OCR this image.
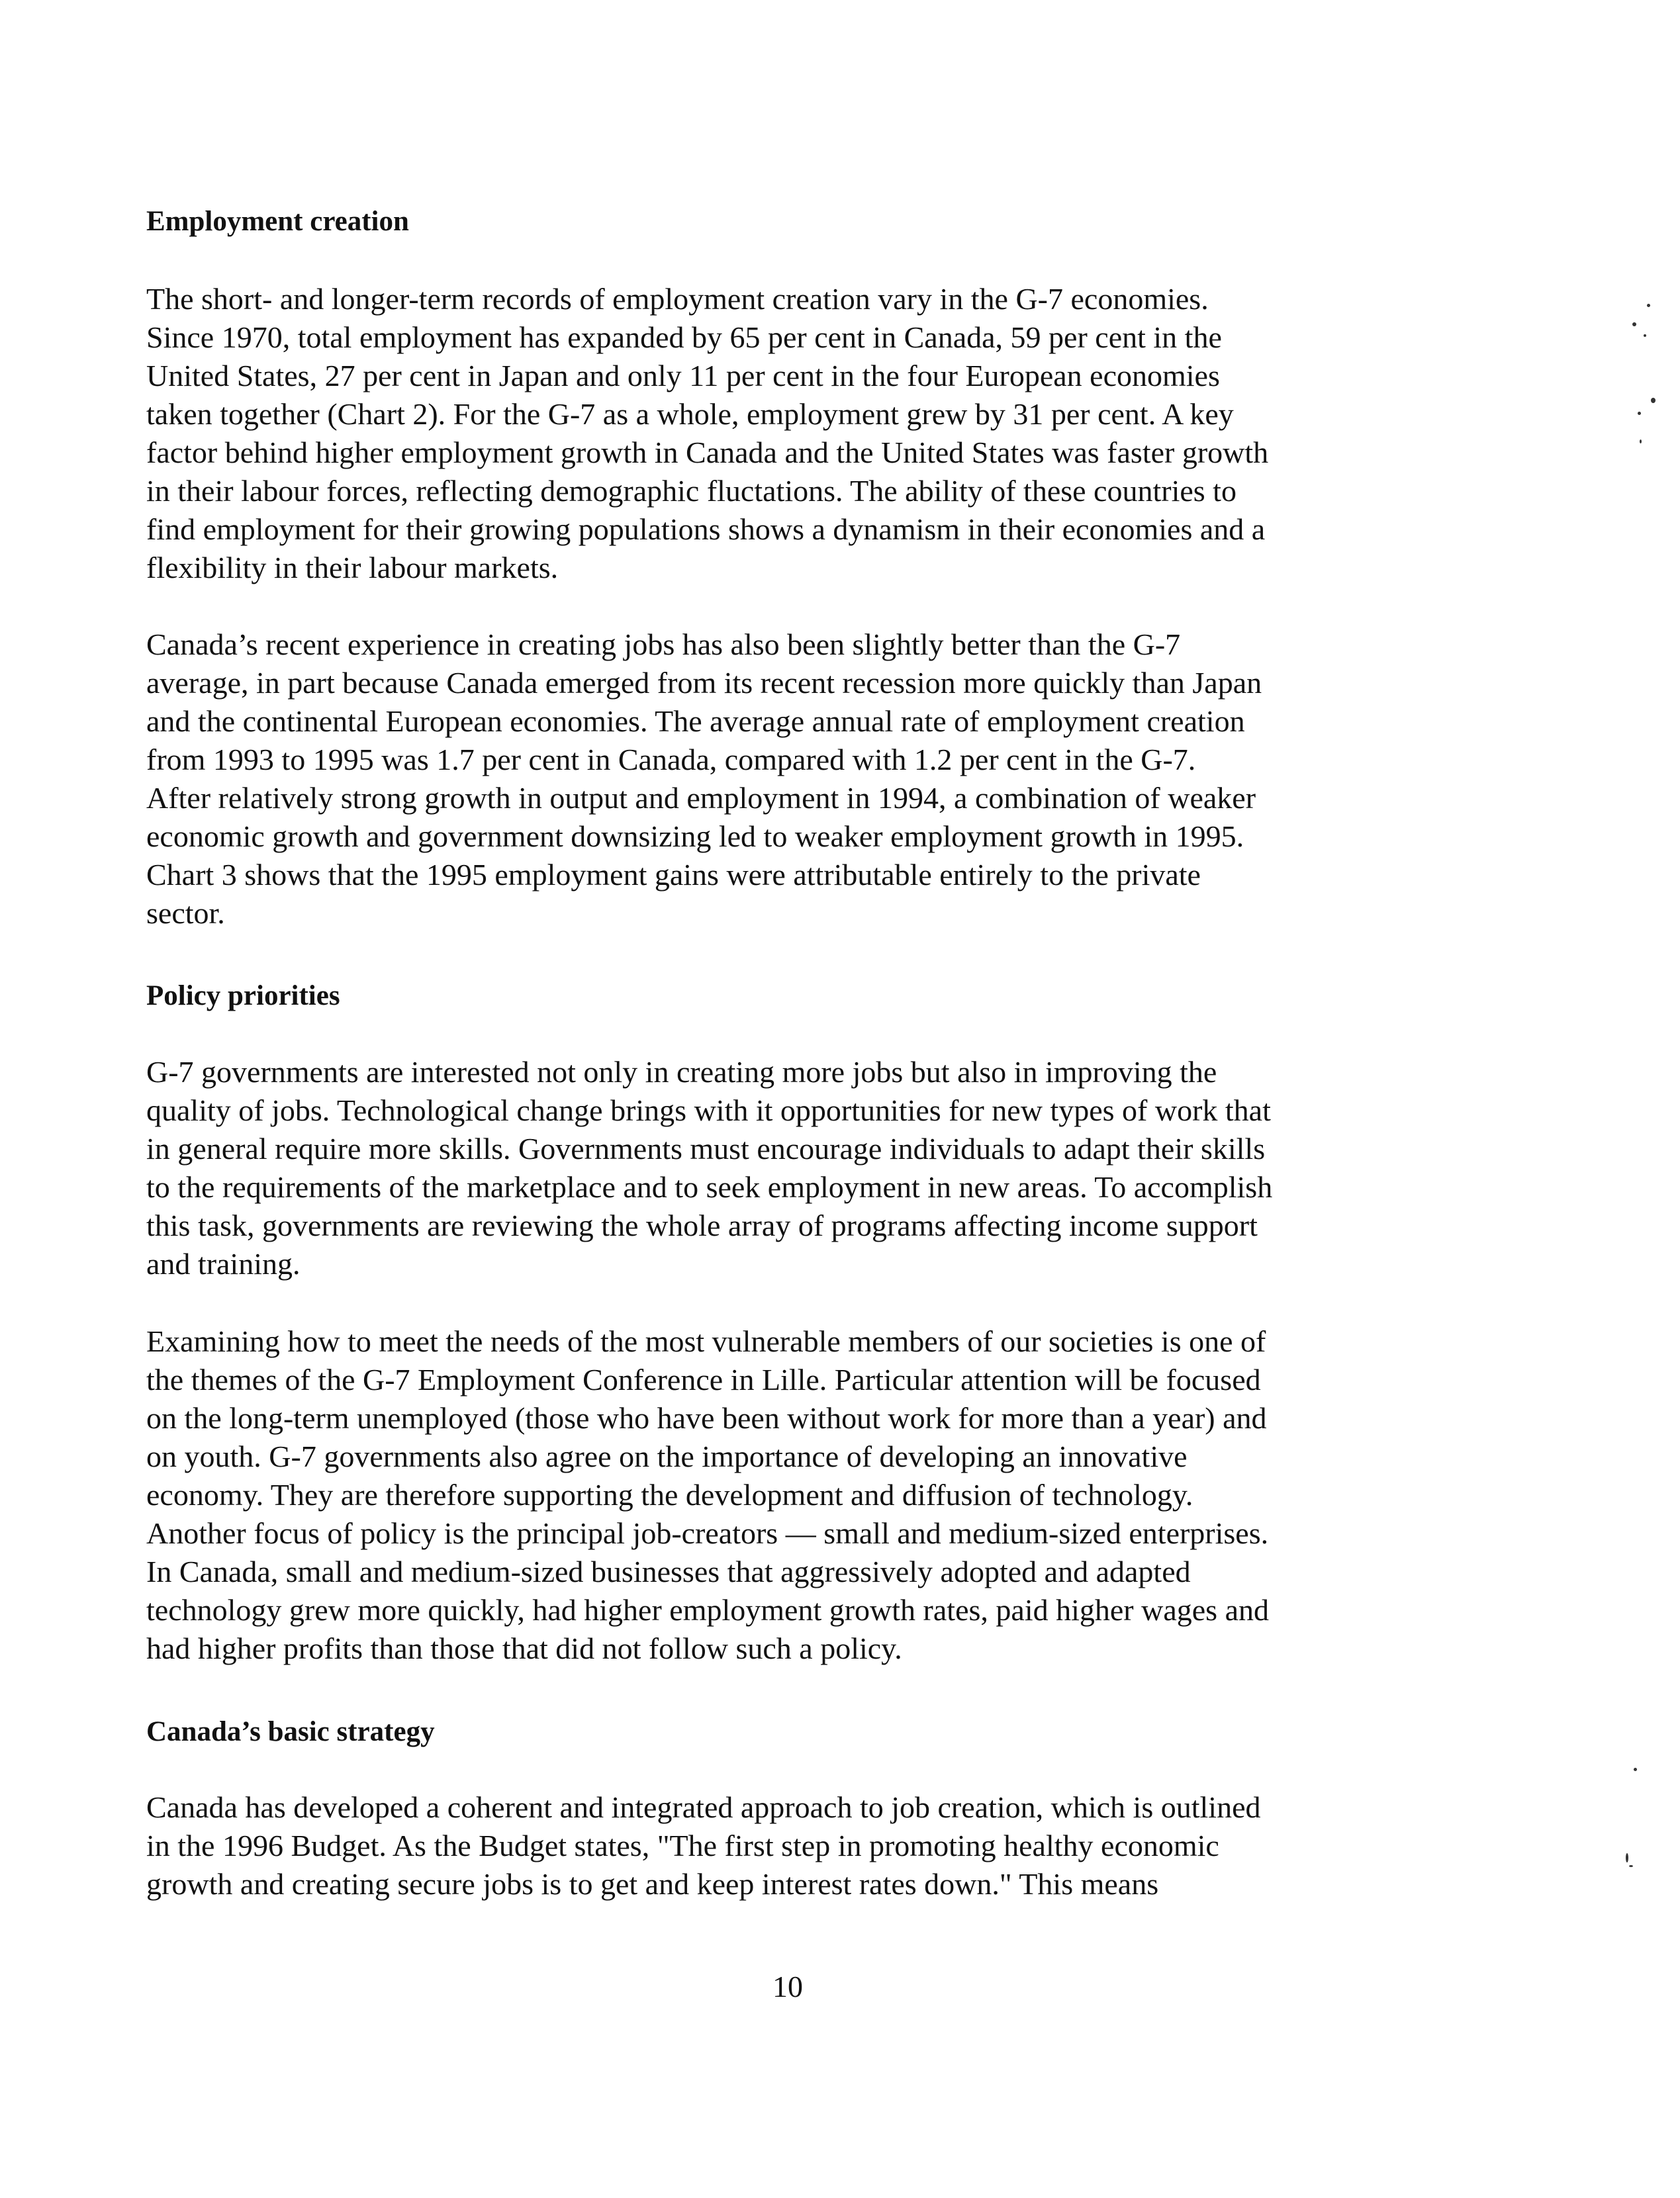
Employment creation
The short- and longer-term records of employment creation vary in the G-7 economies.
Since 1970, total employment has expanded by 65 per cent in Canada, 59 per cent in the
United States, 27 per cent in Japan and only 11 per cent in the four European economies
taken together (Chart 2). For the G-7 as a whole, employment grew by 31 per cent. A key
factor behind higher employment growth in Canada and the United States was faster growth
in their labour forces, reflecting demographic fluctations. The ability of these countries to
find employment for their growing populations shows a dynamism in their economies and a
flexibility in their labour markets.
Canada’s recent experience in creating jobs has also been slightly better than the G-7
average, in part because Canada emerged from its recent recession more quickly than Japan
and the continental European economies. The average annual rate of employment creation
from 1993 to 1995 was 1.7 per cent in Canada, compared with 1.2 per cent in the G-7.
After relatively strong growth in output and employment in 1994, a combination of weaker
economic growth and government downsizing led to weaker employment growth in 1995.
Chart 3 shows that the 1995 employment gains were attributable entirely to the private
sector.
Policy priorities
G-7 governments are interested not only in creating more jobs but also in improving the
quality of jobs. Technological change brings with it opportunities for new types of work that
in general require more skills. Governments must encourage individuals to adapt their skills
to the requirements of the marketplace and to seek employment in new areas. To accomplish
this task, governments are reviewing the whole array of programs affecting income support
and training.
Examining how to meet the needs of the most vulnerable members of our societies is one of
the themes of the G-7 Employment Conference in Lille. Particular attention will be focused
on the long-term unemployed (those who have been without work for more than a year) and
on youth. G-7 governments also agree on the importance of developing an innovative
economy. They are therefore supporting the development and diffusion of technology.
Another focus of policy is the principal job-creators — small and medium-sized enterprises.
In Canada, small and medium-sized businesses that aggressively adopted and adapted
technology grew more quickly, had higher employment growth rates, paid higher wages and
had higher profits than those that did not follow such a policy.
Canada’s basic strategy
Canada has developed a coherent and integrated approach to job creation, which is outlined
in the 1996 Budget. As the Budget states, "The first step in promoting healthy economic
growth and creating secure jobs is to get and keep interest rates down." This means

10
